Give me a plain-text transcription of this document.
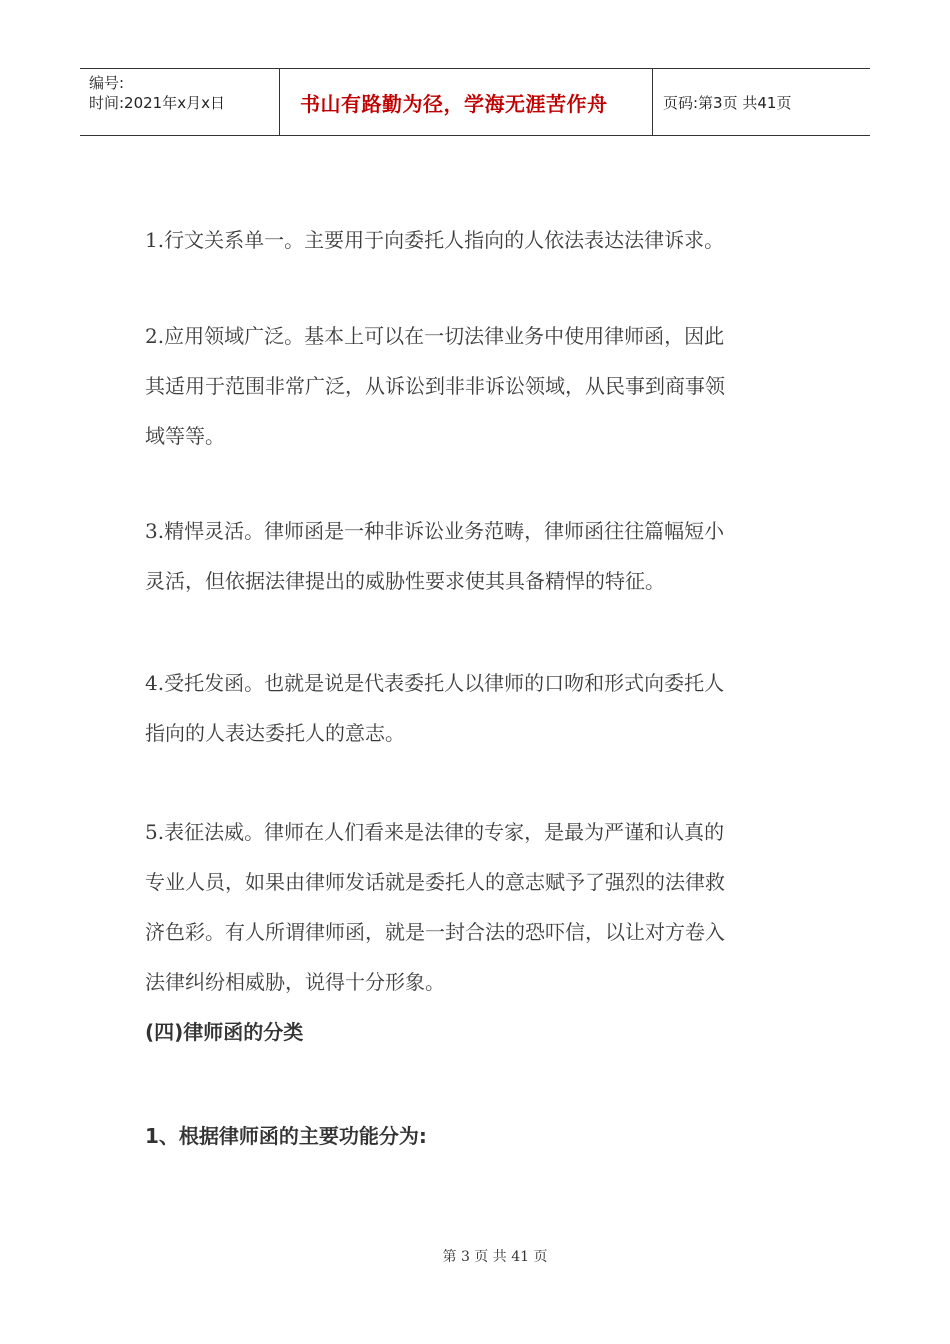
编号:
时间:2021年x月x日	书山有路勤为径，学海无涯苦作舟	页码:第3页 共41页

1.行文关系单一。主要用于向委托人指向的人依法表达法律诉求。

2.应用领域广泛。基本上可以在一切法律业务中使用律师函，因此
其适用于范围非常广泛，从诉讼到非非诉讼领域，从民事到商事领
域等等。

3.精悍灵活。律师函是一种非诉讼业务范畴，律师函往往篇幅短小
灵活，但依据法律提出的威胁性要求使其具备精悍的特征。

4.受托发函。也就是说是代表委托人以律师的口吻和形式向委托人
指向的人表达委托人的意志。

5.表征法威。律师在人们看来是法律的专家，是最为严谨和认真的
专业人员，如果由律师发话就是委托人的意志赋予了强烈的法律救
济色彩。有人所谓律师函，就是一封合法的恐吓信，以让对方卷入
法律纠纷相威胁，说得十分形象。

(四)律师函的分类
1、根据律师函的主要功能分为:
第 3 页 共 41 页
